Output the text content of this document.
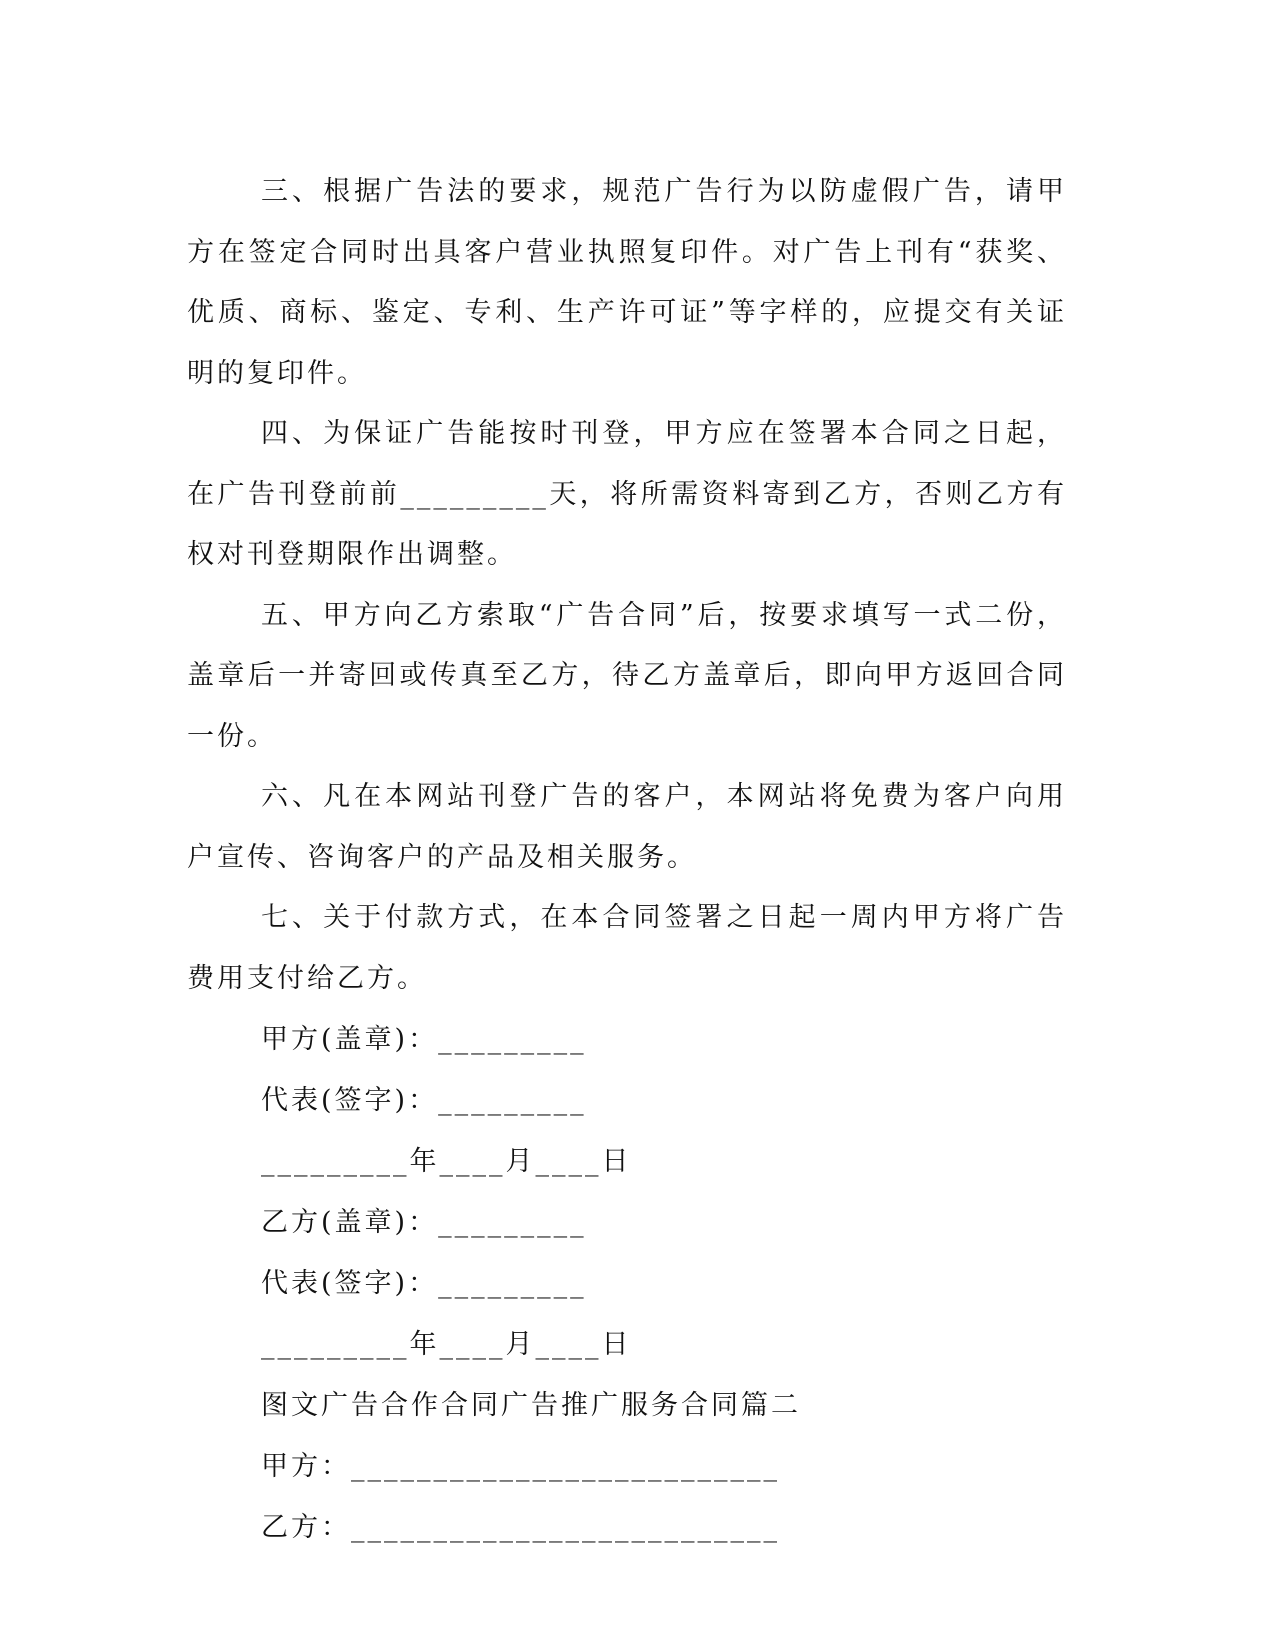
三、根据广告法的要求，规范广告行为以防虚假广告，请甲方在签定合同时出具客户营业执照复印件。对广告上刊有“获奖、优质、商标、鉴定、专利、生产许可证”等字样的，应提交有关证明的复印件。

四、为保证广告能按时刊登，甲方应在签署本合同之日起，在广告刊登前前_________天，将所需资料寄到乙方，否则乙方有权对刊登期限作出调整。

五、甲方向乙方索取“广告合同”后，按要求填写一式二份，盖章后一并寄回或传真至乙方，待乙方盖章后，即向甲方返回合同一份。

六、凡在本网站刊登广告的客户，本网站将免费为客户向用户宣传、咨询客户的产品及相关服务。

七、关于付款方式，在本合同签署之日起一周内甲方将广告费用支付给乙方。

甲方(盖章)：_________

代表(签字)：_________

_________年____月____日

乙方(盖章)：_________

代表(签字)：_________

_________年____月____日

图文广告合作合同广告推广服务合同篇二

甲方：__________________________

乙方：__________________________
